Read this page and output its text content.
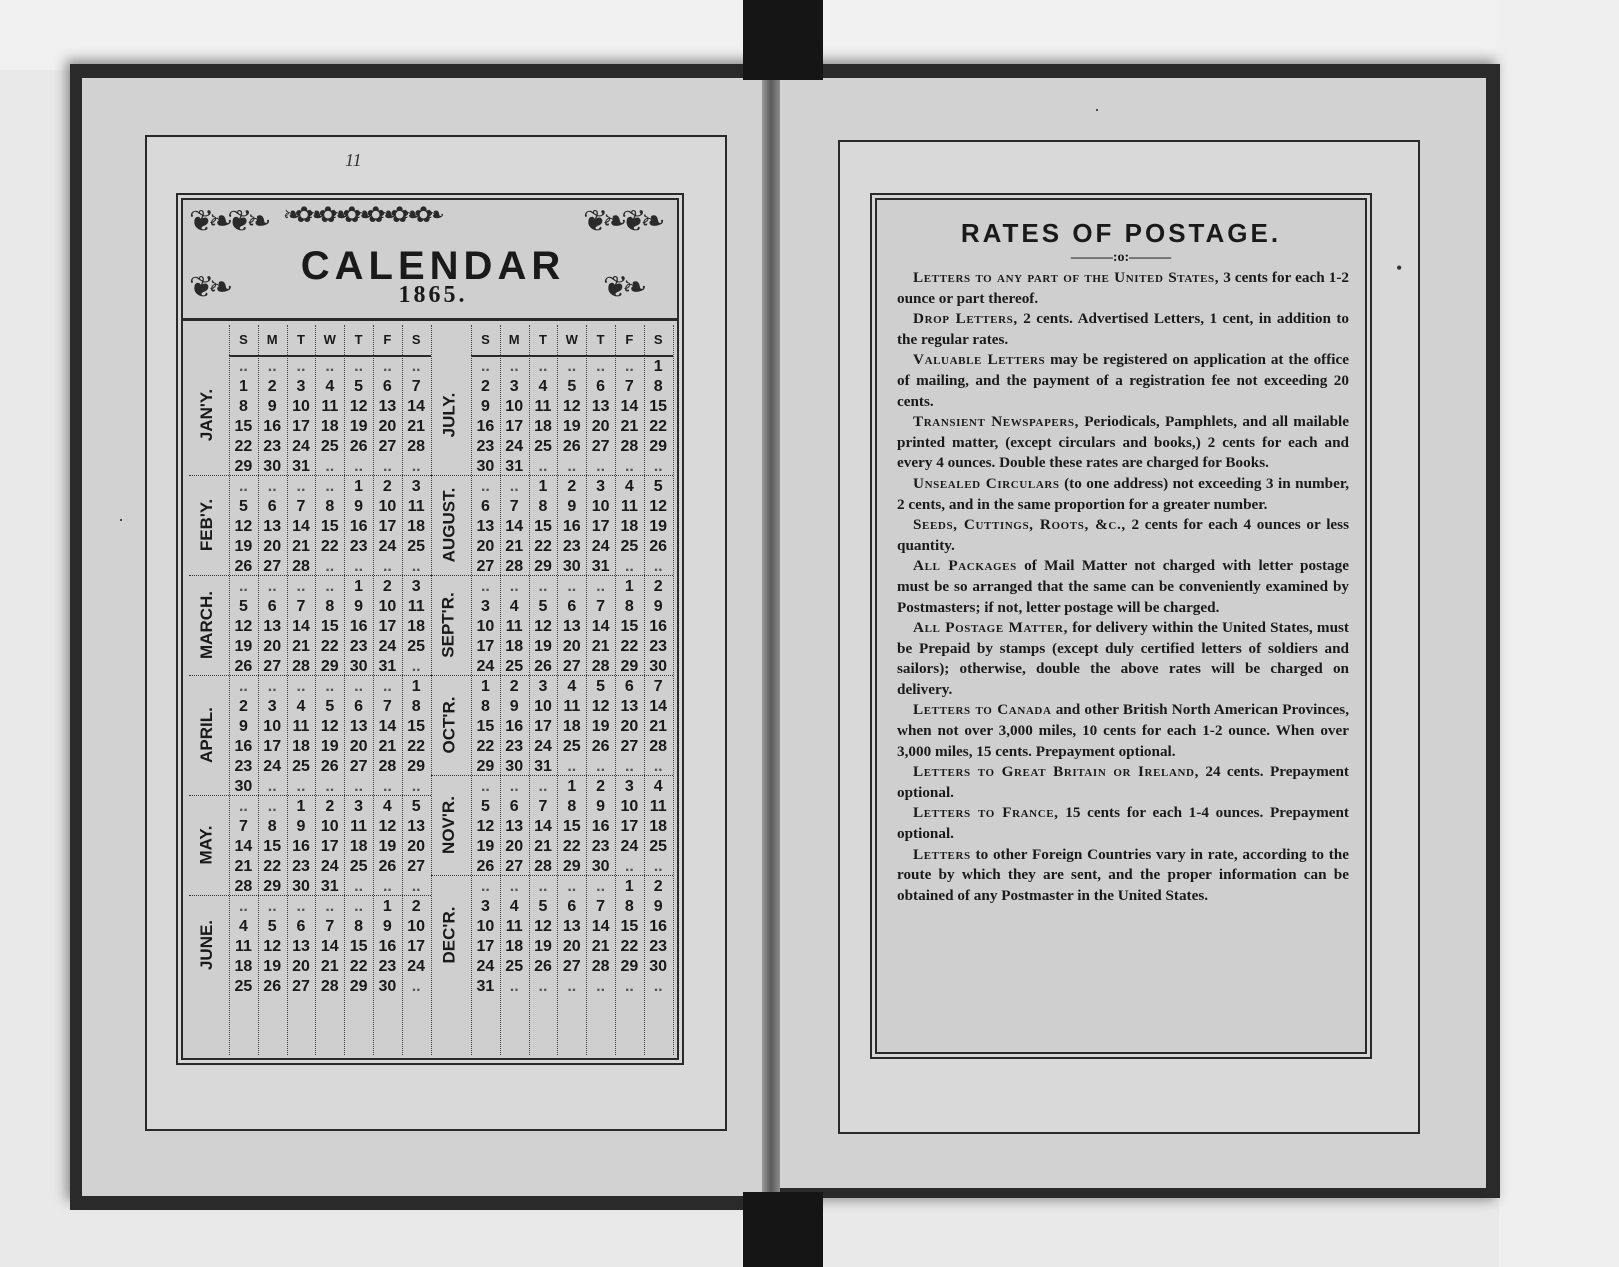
11
❦❧❦❧ ❧ ✿ ❧ ✿ ❧ ✿ ❧ ✿ ❧ ✿ ❧ ✿ ❧	❦❧❦❧
❦❧	❦❧
CALENDAR
1865.
JAN'Y.
FEB'Y.
MARCH.
APRIL.
MAY.
JUNE.
S	M	T	W	T	F	S
..	..	..	..	..	..	..
1	2	3	4	5	6	7
8	9 10 11 12 13 14
15 16 17 18 19 20 21
22 23 24 25 26 27 28
29 30 31 ..	..	..	..
..	..	..	..	1	2	3
5	6	7	8	9 10 11
12 13 14 15 16 17 18
19 20 21 22 23 24 25
26 27 28 ..	..	..	..
..	..	..	..	1	2	3
5	6	7	8	9 10 11
12 13 14 15 16 17 18
19 20 21 22 23 24 25
26 27 28 29 30 31 ..
..	..	..	..	..	..	1
2	3	4	5	6	7	8
9 10 11 12 13 14 15
16 17 18 19 20 21 22
23 24 25 26 27 28 29
30 ..	..	..	..	..	..
..	..	1	2	3	4	5
7	8	9 10 11 12 13
14 15 16 17 18 19 20
21 22 23 24 25 26 27
28 29 30 31 ..	..	..
..	..	..	..	..	1	2
4	5	6	7	8	9 10
11 12 13 14 15 16 17
18 19 20 21 22 23 24
25 26 27 28 29 30 ..
JULY.
AUGUST.
SEPT'R.
OCT'R.
NOV'R.
DEC'R.
S	M	T	W	T	F	S
..	..	..	..	..	..	1
2	3	4	5	6	7	8
9 10 11 12 13 14 15
16 17 18 19 20 21 22
23 24 25 26 27 28 29
30 31 ..	..	..	..	..
..	..	1	2	3	4	5
6	7	8	9 10 11 12
13 14 15 16 17 18 19
20 21 22 23 24 25 26
27 28 29 30 31 ..	..
..	..	..	..	..	1	2
3	4	5	6	7	8	9
10 11 12 13 14 15 16
17 18 19 20 21 22 23
24 25 26 27 28 29 30
1	2	3	4	5	6	7
8	9 10 11 12 13 14
15 16 17 18 19 20 21
22 23 24 25 26 27 28
29 30 31 ..	..	..	..
..	..	..	1	2	3	4
5	6	7	8	9 10 11
12 13 14 15 16 17 18
19 20 21 22 23 24 25
26 27 28 29 30 ..	..
..	..	..	..	..	1	2
3	4	5	6	7	8	9
10 11 12 13 14 15 16
17 18 19 20 21 22 23
24 25 26 27 28 29 30
31 ..	..	..	..	..	..
RATES OF POSTAGE.
———:o:———

Letters to any part of the United States, 3 cents for each 1-2 ounce or part thereof.

Drop Letters, 2 cents. Advertised Letters, 1 cent, in addition to the regular rates.

Valuable Letters may be registered on application at the office of mailing, and the payment of a registration fee not exceeding 20 cents.

Transient Newspapers, Periodicals, Pamphlets, and all mailable printed matter, (except circulars and books,) 2 cents for each and every 4 ounces. Double these rates are charged for Books.

Unsealed Circulars (to one address) not exceeding 3 in number, 2 cents, and in the same proportion for a greater number.

Seeds, Cuttings, Roots, &c., 2 cents for each 4 ounces or less quantity.

All Packages of Mail Matter not charged with letter postage must be so arranged that the same can be conveniently examined by Postmasters; if not, letter postage will be charged.

All Postage Matter, for delivery within the United States, must be Prepaid by stamps (except duly certified letters of soldiers and sailors); otherwise, double the above rates will be charged on delivery.

Letters to Canada and other British North American Provinces, when not over 3,000 miles, 10 cents for each 1-2 ounce. When over 3,000 miles, 15 cents. Prepayment optional.

Letters to Great Britain or Ireland, 24 cents. Prepayment optional.

Letters to France, 15 cents for each 1-4 ounces. Prepayment optional.

Letters to other Foreign Countries vary in rate, according to the route by which they are sent, and the proper information can be obtained of any Postmaster in the United States.

·
·
•
